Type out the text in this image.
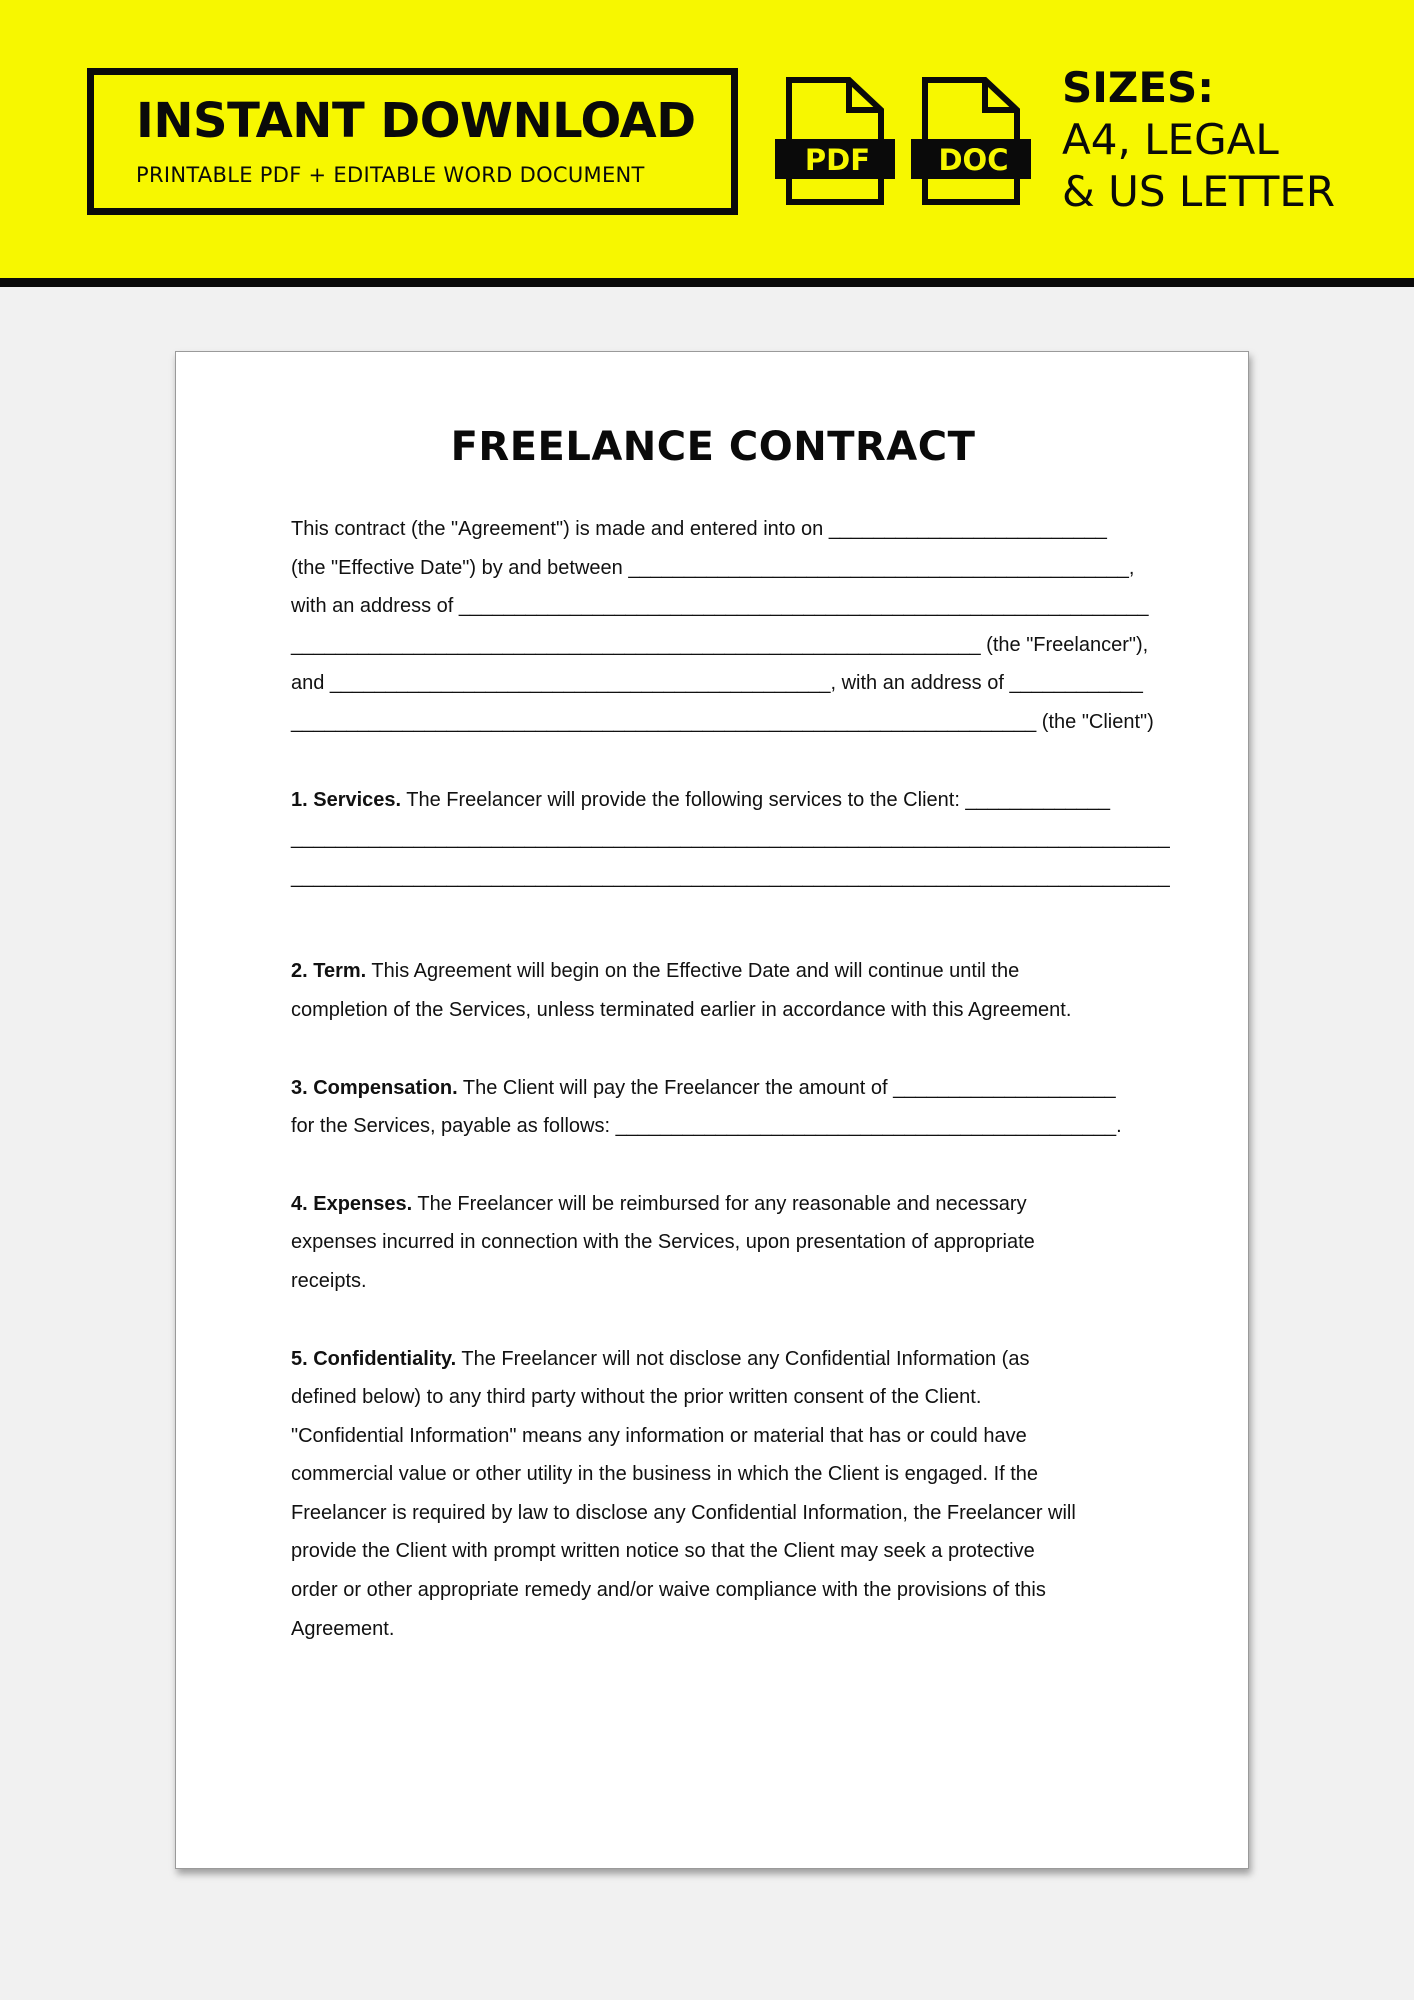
INSTANT DOWNLOAD
PRINTABLE PDF + EDITABLE WORD DOCUMENT	PDF	DOC
SIZES:
A4, LEGAL
& US LETTER
FREELANCE CONTRACT

This contract (the "Agreement") is made and entered into on _________________________
(the "Effective Date") by and between _____________________________________________,
with an address of ______________________________________________________________
______________________________________________________________ (the "Freelancer"),
and _____________________________________________, with an address of ____________
___________________________________________________________________ (the "Client")

1. Services. The Freelancer will provide the following services to the Client: _____________
_______________________________________________________________________________
_______________________________________________________________________________

2. Term. This Agreement will begin on the Effective Date and will continue until the
completion of the Services, unless terminated earlier in accordance with this Agreement.

3. Compensation. The Client will pay the Freelancer the amount of ____________________
for the Services, payable as follows: _____________________________________________.

4. Expenses. The Freelancer will be reimbursed for any reasonable and necessary
expenses incurred in connection with the Services, upon presentation of appropriate
receipts.

5. Confidentiality. The Freelancer will not disclose any Confidential Information (as
defined below) to any third party without the prior written consent of the Client.
"Confidential Information" means any information or material that has or could have
commercial value or other utility in the business in which the Client is engaged. If the
Freelancer is required by law to disclose any Confidential Information, the Freelancer will
provide the Client with prompt written notice so that the Client may seek a protective
order or other appropriate remedy and/or waive compliance with the provisions of this
Agreement.
